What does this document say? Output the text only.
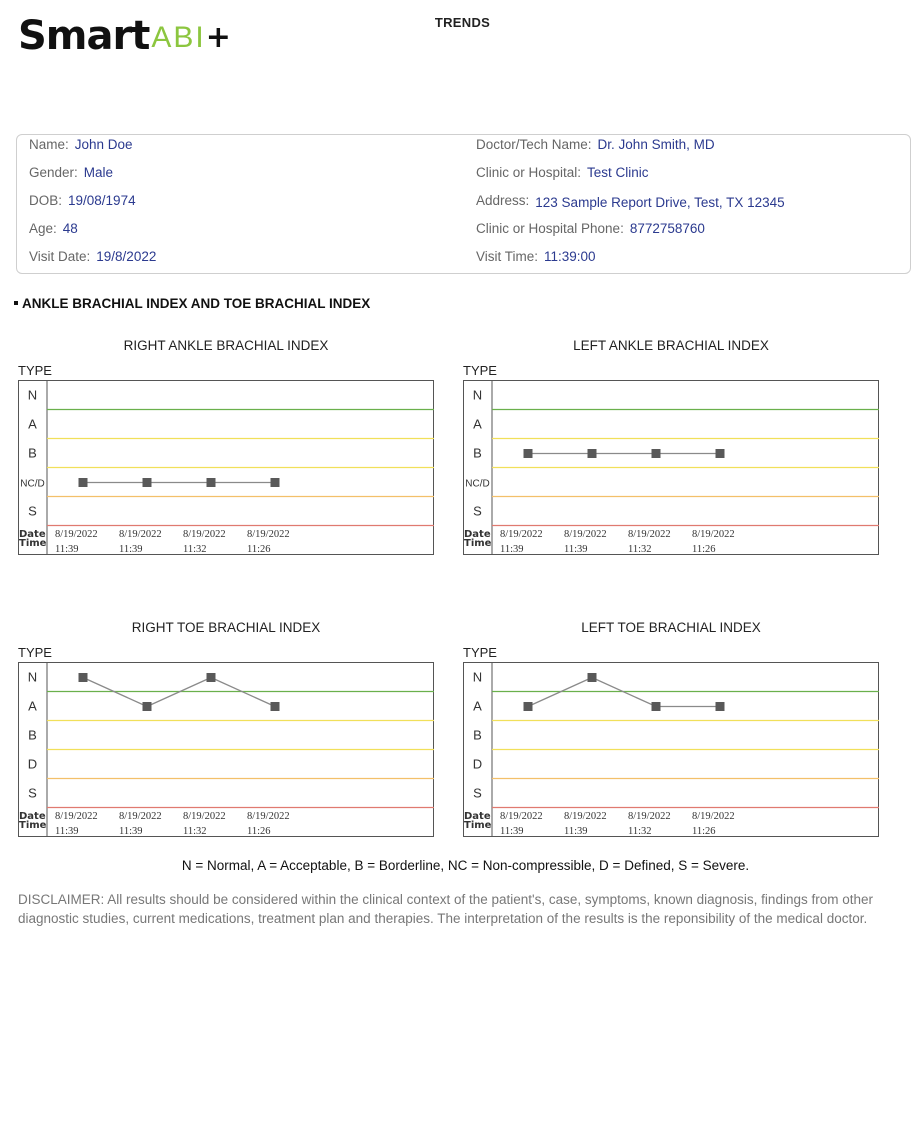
SmartABI+	TRENDS
Name: John Doe
Gender: Male
DOB: 19/08/1974
Age: 48
Visit Date: 19/8/2022
Doctor/Tech Name: Dr. John Smith, MD
Clinic or Hospital: Test Clinic
Address: 123 Sample Report Drive, Test, TX 12345
Clinic or Hospital Phone: 8772758760
Visit Time: 11:39:00
ANKLE BRACHIAL INDEX AND TOE BRACHIAL INDEX
RIGHT ANKLE BRACHIAL INDEX
TYPE
N
A
B
NC/D
S
Date
Time
8/19/2022
11:39
8/19/2022
11:39
8/19/2022
11:32
8/19/2022
11:26
LEFT ANKLE BRACHIAL INDEX
TYPE
N
A
B
NC/D
S
Date
Time
8/19/2022
11:39
8/19/2022
11:39
8/19/2022
11:32
8/19/2022
11:26
RIGHT TOE BRACHIAL INDEX
TYPE
N
A
B
D
S
Date
Time
8/19/2022
11:39
8/19/2022
11:39
8/19/2022
11:32
8/19/2022
11:26
LEFT TOE BRACHIAL INDEX
TYPE
N
A
B
D
S
Date
Time
8/19/2022
11:39
8/19/2022
11:39
8/19/2022
11:32
8/19/2022
11:26
N = Normal, A = Acceptable, B = Borderline, NC = Non-compressible, D = Defined, S = Severe.
DISCLAIMER: All results should be considered within the clinical context of the patient's, case, symptoms, known diagnosis, findings from other diagnostic studies, current medications, treatment plan and therapies. The interpretation of the results is the reponsibility of the medical doctor.
